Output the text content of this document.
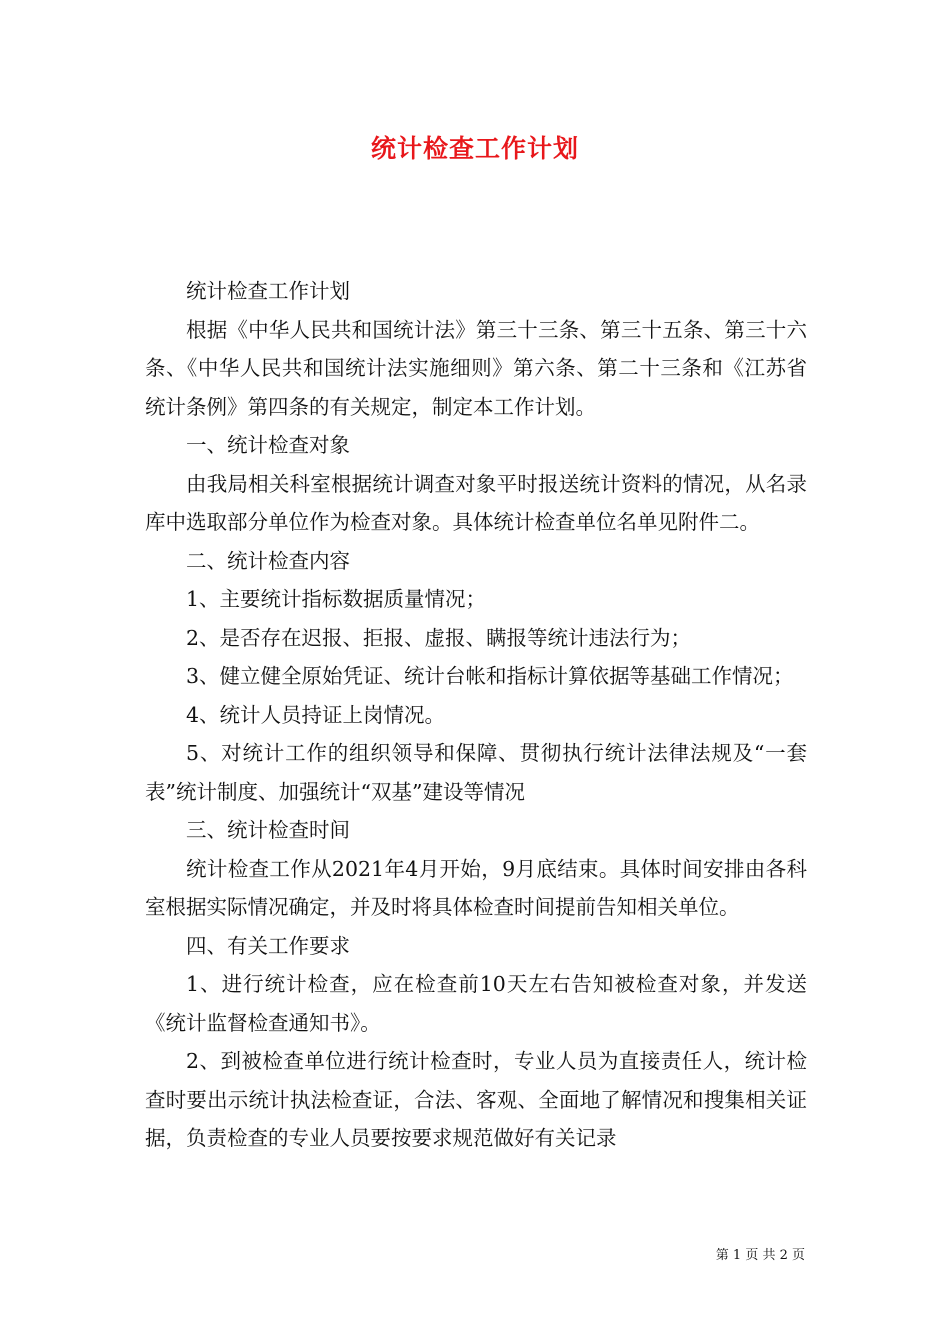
统计检查工作计划

统计检查工作计划

根据《中华人民共和国统计法》第三十三条、第三十五条、第三十六条、《中华人民共和国统计法实施细则》第六条、第二十三条和《江苏省统计条例》第四条的有关规定，制定本工作计划。

一、统计检查对象

由我局相关科室根据统计调查对象平时报送统计资料的情况，从名录库中选取部分单位作为检查对象。具体统计检查单位名单见附件二。

二、统计检查内容

1、主要统计指标数据质量情况；

2、是否存在迟报、拒报、虚报、瞒报等统计违法行为；

3、健立健全原始凭证、统计台帐和指标计算依据等基础工作情况；

4、统计人员持证上岗情况。

5、对统计工作的组织领导和保障、贯彻执行统计法律法规及“一套表”统计制度、加强统计“双基”建设等情况

三、统计检查时间

统计检查工作从2021年4月开始，9月底结束。具体时间安排由各科室根据实际情况确定，并及时将具体检查时间提前告知相关单位。

四、有关工作要求

1、进行统计检查，应在检查前10天左右告知被检查对象，并发送《统计监督检查通知书》。

2、到被检查单位进行统计检查时，专业人员为直接责任人，统计检查时要出示统计执法检查证，合法、客观、全面地了解情况和搜集相关证据，负责检查的专业人员要按要求规范做好有关记录

第 1 页 共 2 页
